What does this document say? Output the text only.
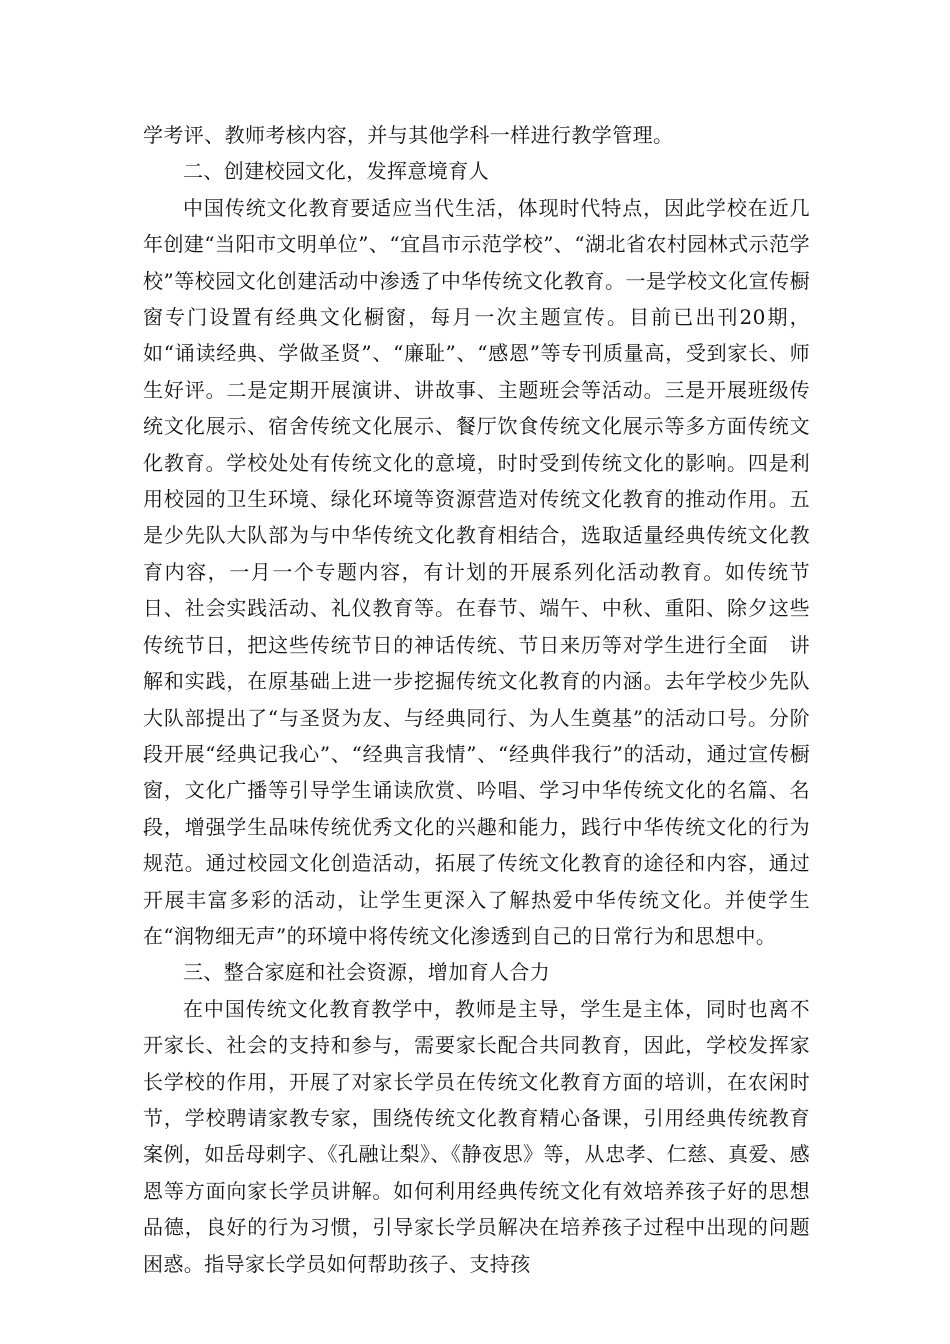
学考评、教师考核内容，并与其他学科一样进行教学管理。

二、创建校园文化，发挥意境育人

中国传统文化教育要适应当代生活，体现时代特点，因此学校在近几年创建“当阳市文明单位”、“宜昌市示范学校”、“湖北省农村园林式示范学校”等校园文化创建活动中渗透了中华传统文化教育。一是学校文化宣传橱窗专门设置有经典文化橱窗，每月一次主题宣传。目前已出刊20期，如“诵读经典、学做圣贤”、“廉耻”、“感恩”等专刊质量高，受到家长、师生好评。二是定期开展演讲、讲故事、主题班会等活动。三是开展班级传统文化展示、宿舍传统文化展示、餐厅饮食传统文化展示等多方面传统文化教育。学校处处有传统文化的意境，时时受到传统文化的影响。四是利用校园的卫生环境、绿化环境等资源营造对传统文化教育的推动作用。五是少先队大队部为与中华传统文化教育相结合，选取适量经典传统文化教育内容，一月一个专题内容，有计划的开展系列化活动教育。如传统节日、社会实践活动、礼仪教育等。在春节、端午、中秋、重阳、除夕这些传统节日，把这些传统节日的神话传统、节日来历等对学生进行全面　讲解和实践，在原基础上进一步挖掘传统文化教育的内涵。去年学校少先队大队部提出了“与圣贤为友、与经典同行、为人生奠基”的活动口号。分阶段开展“经典记我心”、“经典言我情”、“经典伴我行”的活动，通过宣传橱窗，文化广播等引导学生诵读欣赏、吟唱、学习中华传统文化的名篇、名段，增强学生品味传统优秀文化的兴趣和能力，践行中华传统文化的行为规范。通过校园文化创造活动，拓展了传统文化教育的途径和内容，通过开展丰富多彩的活动，让学生更深入了解热爱中华传统文化。并使学生在“润物细无声”的环境中将传统文化渗透到自己的日常行为和思想中。

三、整合家庭和社会资源，增加育人合力

在中国传统文化教育教学中，教师是主导，学生是主体，同时也离不开家长、社会的支持和参与，需要家长配合共同教育，因此，学校发挥家长学校的作用，开展了对家长学员在传统文化教育方面的培训，在农闲时节，学校聘请家教专家，围绕传统文化教育精心备课，引用经典传统教育案例，如岳母刺字、《孔融让梨》、《静夜思》等，从忠孝、仁慈、真爱、感恩等方面向家长学员讲解。如何利用经典传统文化有效培养孩子好的思想品德，良好的行为习惯，引导家长学员解决在培养孩子过程中出现的问题困惑。指导家长学员如何帮助孩子、支持孩
